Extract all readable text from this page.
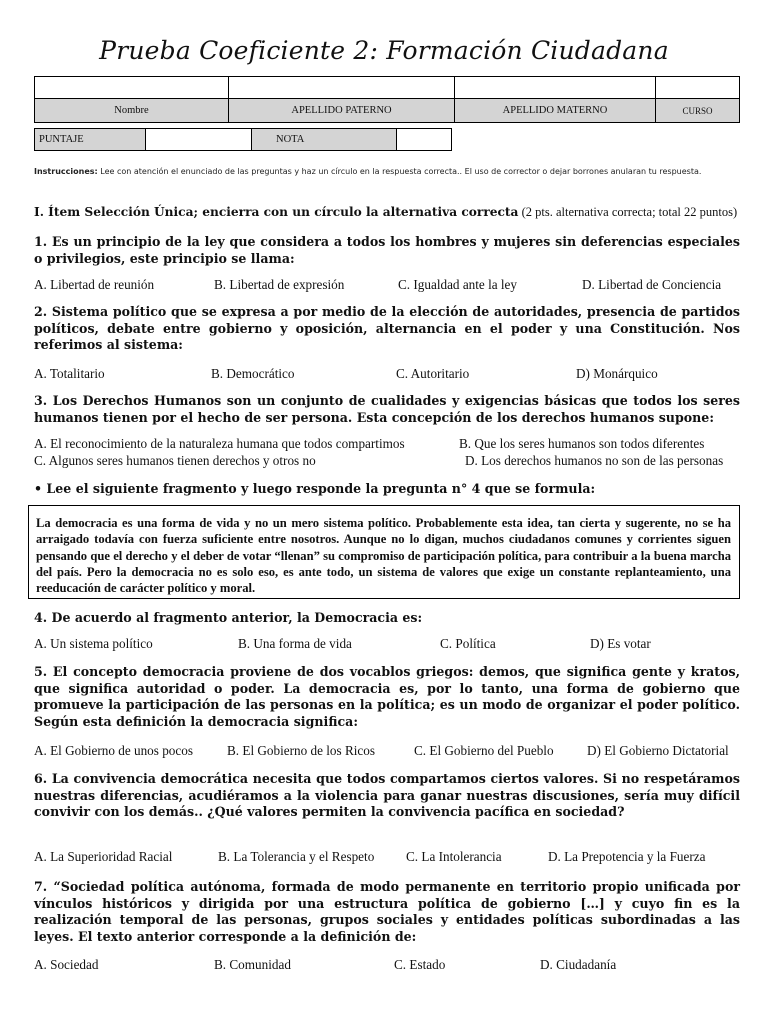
Prueba Coeficiente 2: Formación Ciudadana

Nombre	APELLIDO PATERNO	APELLIDO MATERNO	CURSO
PUNTAJE		NOTA	
Instrucciones: Lee con atención el enunciado de las preguntas y haz un círculo en la respuesta correcta.. El uso de corrector o dejar borrones anularan tu respuesta.
I. Ítem Selección Única; encierra con un círculo la alternativa correcta (2 pts. alternativa correcta; total 22 puntos)
1. Es un principio de la ley que considera a todos los hombres y mujeres sin deferencias especiales o privilegios, este principio se llama:
A. Libertad de reunión	B. Libertad de expresión	C. Igualdad ante la ley	D. Libertad de Conciencia
2. Sistema político que se expresa a por medio de la elección de autoridades, presencia de partidos políticos, debate entre gobierno y oposición, alternancia en el poder y una Constitución. Nos referimos al sistema:
A. Totalitario	B. Democrático	C. Autoritario	D) Monárquico
3. Los Derechos Humanos son un conjunto de cualidades y exigencias básicas que todos los seres humanos tienen por el hecho de ser persona. Esta concepción de los derechos humanos supone:
A. El reconocimiento de la naturaleza humana que todos compartimos	B. Que los seres humanos son todos diferentes
C. Algunos seres humanos tienen derechos y otros no	D. Los derechos humanos no son de las personas
• Lee el siguiente fragmento y luego responde la pregunta n° 4 que se formula:
La democracia es una forma de vida y no un mero sistema político. Probablemente esta idea, tan cierta y sugerente, no se ha arraigado todavía con fuerza suficiente entre nosotros. Aunque no lo digan, muchos ciudadanos comunes y corrientes siguen pensando que el derecho y el deber de votar “llenan” su compromiso de participación política, para contribuir a la buena marcha del país. Pero la democracia no es solo eso, es ante todo, un sistema de valores que exige un constante replanteamiento, una reeducación de carácter político y moral.
4. De acuerdo al fragmento anterior, la Democracia es:
A. Un sistema político	B. Una forma de vida	C. Política	D) Es votar
5. El concepto democracia proviene de dos vocablos griegos: demos, que significa gente y kratos, que significa autoridad o poder. La democracia es, por lo tanto, una forma de gobierno que promueve la participación de las personas en la política; es un modo de organizar el poder político. Según esta definición la democracia significa:
A. El Gobierno de unos pocos	B. El Gobierno de los Ricos	C. El Gobierno del Pueblo	D) El Gobierno Dictatorial
6. La convivencia democrática necesita que todos compartamos ciertos valores. Si no respetáramos nuestras diferencias, acudiéramos a la violencia para ganar nuestras discusiones, sería muy difícil convivir con los demás.. ¿Qué valores permiten la convivencia pacífica en sociedad?
A. La Superioridad Racial	B. La Tolerancia y el Respeto C. La Intolerancia	D. La Prepotencia y la Fuerza
7. “Sociedad política autónoma, formada de modo permanente en territorio propio unificada por vínculos históricos y dirigida por una estructura política de gobierno […] y cuyo fin es la realización temporal de las personas, grupos sociales y entidades políticas subordinadas a las leyes. El texto anterior corresponde a la definición de:
A. Sociedad	B. Comunidad	C. Estado	D. Ciudadanía
